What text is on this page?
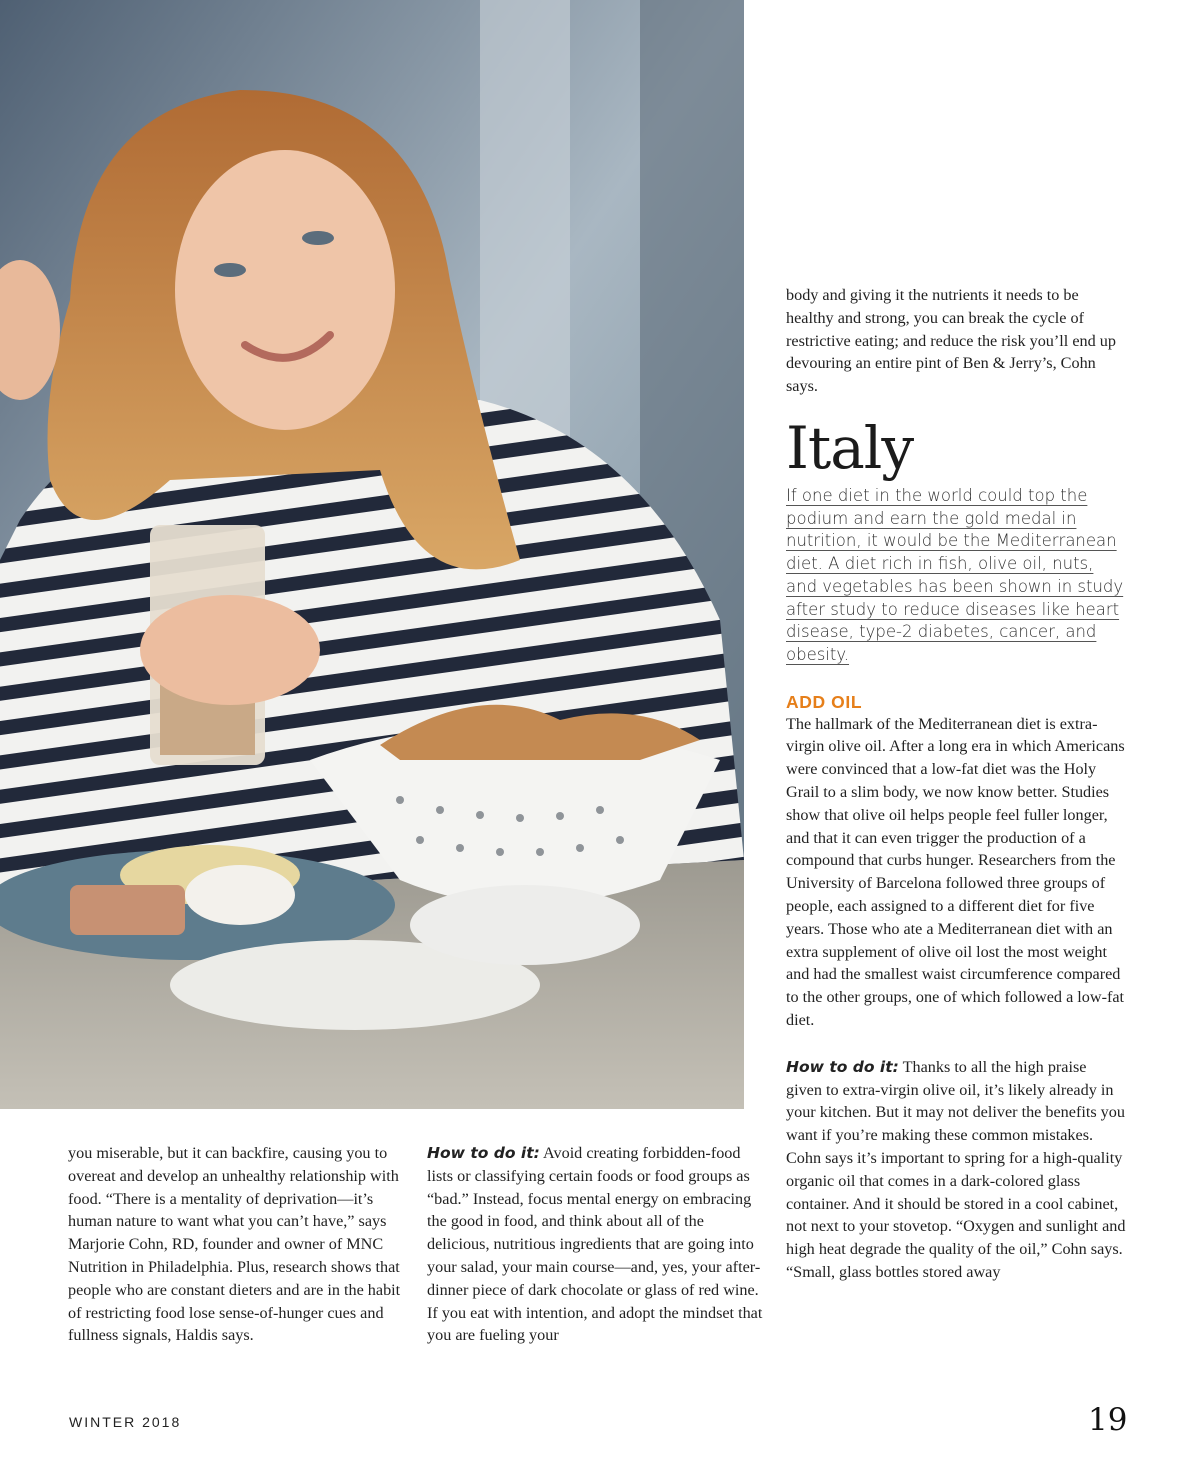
body and giving it the nutrients it needs to be healthy and strong, you can break the cycle of restrictive eating; and reduce the risk you’ll end up devouring an entire pint of Ben & Jerry’s, Cohn says.

Italy

If one diet in the world could top the podium and earn the gold medal in nutrition, it would be the Mediterranean diet. A diet rich in fish, olive oil, nuts, and vegetables has been shown in study after study to reduce diseases like heart disease, type-2 diabetes, cancer, and obesity.

ADD OIL

The hallmark of the Mediterranean diet is extra-virgin olive oil. After a long era in which Americans were convinced that a low-fat diet was the Holy Grail to a slim body, we now know better. Studies show that olive oil helps people feel fuller longer, and that it can even trigger the production of a compound that curbs hunger. Researchers from the University of Barcelona followed three groups of people, each assigned to a different diet for five years. Those who ate a Mediterranean diet with an extra supplement of olive oil lost the most weight and had the smallest waist circumference compared to the other groups, one of which followed a low-fat diet.

How to do it: Thanks to all the high praise given to extra-virgin olive oil, it’s likely already in your kitchen. But it may not deliver the benefits you want if you’re making these common mistakes. Cohn says it’s important to spring for a high-quality organic oil that comes in a dark-colored glass container. And it should be stored in a cool cabinet, not next to your stovetop. “Oxygen and sunlight and high heat degrade the quality of the oil,” Cohn says. “Small, glass bottles stored away

you miserable, but it can backfire, causing you to overeat and develop an unhealthy relationship with food. “There is a mentality of deprivation—it’s human nature to want what you can’t have,” says Marjorie Cohn, RD, founder and owner of MNC Nutrition in Philadelphia. Plus, research shows that people who are constant dieters and are in the habit of restricting food lose sense-of-hunger cues and fullness signals, Haldis says.

How to do it: Avoid creating forbidden-food lists or classifying certain foods or food groups as “bad.” Instead, focus mental energy on embracing the good in food, and think about all of the delicious, nutritious ingredients that are going into your salad, your main course—and, yes, your after-dinner piece of dark chocolate or glass of red wine. If you eat with intention, and adopt the mindset that you are fueling your

WINTER 2018	19
